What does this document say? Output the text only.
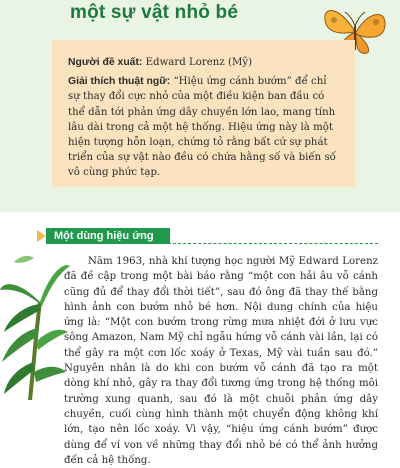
một sự vật nhỏ bé

Người đề xuất: Edward Lorenz (Mỹ)

Giải thích thuật ngữ: “Hiệu ứng cánh bướm” để chỉ sự thay đổi cực nhỏ của một điều kiện ban đầu có thể dẫn tới phản ứng dây chuyền lớn lao, mang tính lâu dài trong cả một hệ thống. Hiệu ứng này là một hiện tượng hỗn loạn, chứng tỏ rằng bất cứ sự phát triển của sự vật nào đều có chứa hằng số và biến số vô cùng phức tạp.

Một dùng hiệu ứng

Năm 1963, nhà khí tượng học người Mỹ Edward Lorenz đã đề cập trong một bài báo rằng “một con hải âu vỗ cánh cũng đủ để thay đổi thời tiết”, sau đó ông đã thay thế bằng hình ảnh con bướm nhỏ bé hơn. Nội dung chính của hiệu ứng là: “Một con bướm trong rừng mưa nhiệt đới ở lưu vực sông Amazon, Nam Mỹ chỉ ngẫu hứng vỗ cánh vài lần, lại có thể gây ra một cơn lốc xoáy ở Texas, Mỹ vài tuần sau đó.” Nguyên nhân là do khi con bướm vỗ cánh đã tạo ra một dòng khí nhỏ, gây ra thay đổi tương ứng trong hệ thống môi trường xung quanh, sau đó là một chuỗi phản ứng dây chuyền, cuối cùng hình thành một chuyển động không khí lớn, tạo nên lốc xoáy. Vì vậy, “hiệu ứng cánh bướm” được dùng để ví von về những thay đổi nhỏ bé có thể ảnh hưởng đến cả hệ thống.
